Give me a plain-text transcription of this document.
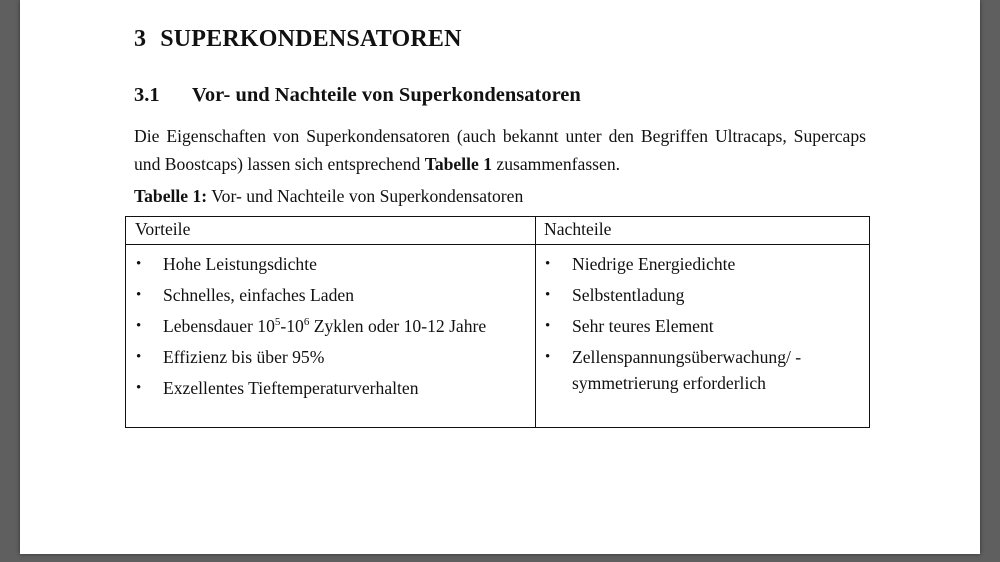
3 SUPERKONDENSATOREN
3.1 Vor- und Nachteile von Superkondensatoren
Die Eigenschaften von Superkondensatoren (auch bekannt unter den Begriffen Ultracaps, Supercaps und Boostcaps) lassen sich entsprechend Tabelle 1 zusammenfassen.
Tabelle 1: Vor- und Nachteile von Superkondensatoren
Vorteile	Nachteile
• Hohe Leistungsdichte
• Schnelles, einfaches Laden
• Lebensdauer $10^5-10^6$ Zyklen oder 10-12 Jahre
• Effizienz bis über 95%
• Exzellentes Tieftemperaturverhalten
• Niedrige Energiedichte
• Selbstentladung
• Sehr teures Element
• Zellenspannungsüberwachung/ -symmetrierung erforderlich
